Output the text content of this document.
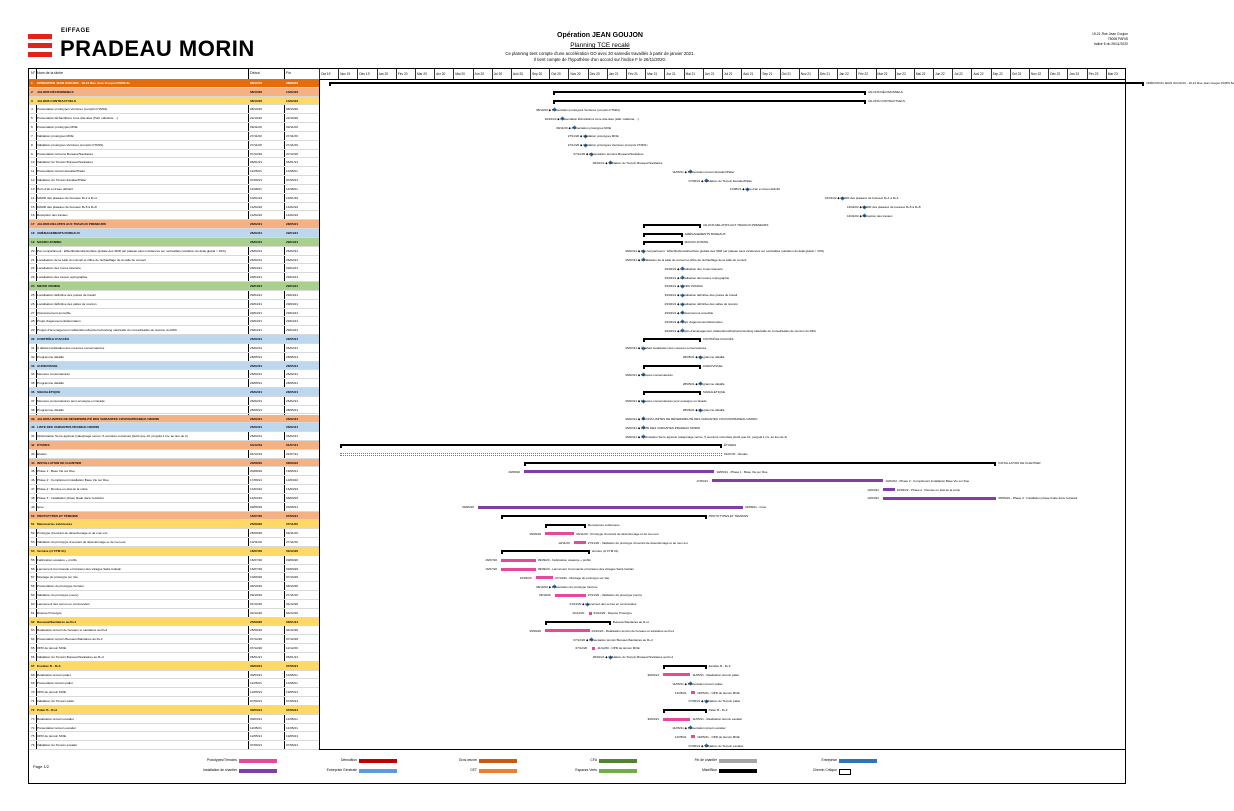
EIFFAGE
PRADEAU MORIN
Opération JEAN GOUJON
Planning TCE recalé
Ce planning tient compte d'une accélération GO avec 20 samedis travaillés à partir de janvier 2021.
Il tient compte de l'hypothèse d'un accord sur l'indice F le 26/11/2020.
19-21 Rue Jean Goujon
75008 PARIS
Indice 6 du 26/11/2020
N° Nom de la tâche	Début	Fin	Oct 19	Nov 19	Déc 19	Jan 20	Fév 20	Mar 20	Avr 20	Mai 20	Jun 20	Jul 20	Aoû 20	Sep 20	Oct 20	Nov 20	Déc 20	Jan 21	Fév 21	Mar 21	Avr 21	Mai 21	Jun 21	Jul 21	Aoû 21	Sep 21	Oct 21	Nov 21	Déc 21	Jan 22	Fév 22	Mar 22	Avr 22	Mai 22	Jun 22	Jul 22	Aoû 22	Sep 22	Oct 22	Nov 22	Déc 22	Jan 23	Fév 23	Mar 23
1 OPÉRATION JEAN GOUJON - 19-21 Rue Jean Goujon PARIS 8e	08/12/19	08/06/23
2 JALONS DÉCISIONNELS	08/10/20	14/02/22
3 JALONS CONTRACTUELS	08/10/20	14/02/22
4 Présentation prototypes Verrières (compris FTM01)	08/10/20	08/10/20
5 Présentation Échantillons zone dite-âtes (Hall, cafétéria, ...)	22/10/20	22/10/20
6 Présentation prototypes MOE	09/11/20	09/11/20
7 Validation prototypes MOE	27/11/20	27/11/20
8 Validation prototypes Verrières (compris FTM01)	27/11/20	27/11/20
9 Présentation témoins Bureaux/Sanitaires	07/12/20	07/12/20
10 Validation du Témoin Bureaux/Sanitaires	06/01/21	06/01/21
11 Présentation témoin Escalier/Palier	11/05/21	11/05/21
12 Validation du Témoin Escalier/Palier	07/06/21	07/06/21
13 Hors d'air et d'eau définitif	11/08/21	11/08/21
14 MADR des plateaux de bureaux R+1 à R+4	10/01/22	10/01/22
15 MADR des plateaux de bureaux R+5 à R+8	14/02/22	14/02/22
16 Réception des travaux	14/02/22	14/02/22
17 JALONS RELATIFS AUX TRAVAUX PRENEURS	26/02/21	28/05/21
18 AMÉNAGEMENTS BUREAUX	26/02/21	29/04/21
19 MACRO ZONING	26/02/21	29/04/21
20 Par compartiment : Effectifs/densité/surface globale des SDR par plateau sans incidences sur verticalités (variation du délai global < 10%)	26/02/21	26/02/21
21 Localisation de la salle du conseil et office de réchauffage de la salle du conseil	26/02/21	26/02/21
22 Localisation des zones tisanerie	29/04/21	29/04/21
23 Localisation des locaux reprographie	29/04/21	29/04/21
24 MICRO ZONING	29/04/21	29/04/21
25 Localisation définitive des postes de travail	29/04/21	29/04/21
26 Localisation définitive des salles de réunion	29/04/21	29/04/21
27 Cloisonnement amovible	29/04/21	29/04/21
28 Projet d'agencement/décoration	29/04/21	29/04/21
29 Projets d'aménagement cafétéria/rooftop/serre/working café/salle du conseil/salles de réunion du RDC	29/04/21	29/04/21
30 CONTRÔLE D'ACCÈS	26/02/21	28/05/21
31 À défaut localisation des mesures conservatoires	26/02/21	26/02/21
32 Programme détaillé	28/05/21	28/05/21
33 AUDIOVISUEL	26/02/21	28/05/21
34 Mesures conservatoires	26/02/21	26/02/21
35 Programme détaillé	28/05/21	28/05/21
36 SIGNALÉTIQUE	26/02/21	28/05/21
37 Mesures conservatoires pour enseigne en façade	26/02/21	26/02/21
38 Programme détaillé	28/05/21	28/05/21
39 JALONS LIMITES DE RÉVERSIBILITÉ DES VARIANTES COVIVIO/PRADEAU MORIN	26/02/21	26/02/21
40 LISTE DES VARIANTES PRADEAU MORIN	26/02/21	26/02/21
41 Optimisation Serre agricole (calepinage verres, 5 ouvrants motorisés plutôt que 10, pergola 1 niv. au lieu de 2)	26/02/21	26/02/21
42 ÉTUDES	04/12/19	01/07/21
43 Études	04/12/19	01/07/21
44 INSTALLATION DE CHANTIER	20/08/20	08/09/22
45 Phase 1 : Base Vie sur Rue	20/08/20	19/06/21
46 Phase 2 : Complément installation Base Vie sur Rue	17/06/21	14/03/22
47 Phase 2 : Remise en état de la voirie	14/03/22	16/03/22
48 Phase 3 : Installation phase finale dans l'existant	14/03/22	08/09/22
49 Grue	09/06/20	03/08/21
50 PROTOTYPES ET TÉMOINS	16/07/20	07/06/21
51 Menuiseries extérieures	25/09/20	27/11/20
52 Prototype d'ouvrant de désenfumage et de men.ext.	25/09/20	09/11/20
53 Validation du prototype d'ouvrant de désenfumage et de men.ext.	10/11/20	27/11/20
54 Verrière (cf FTM 01)	16/07/20	03/12/20
55 Fabrication ossature + profils	16/07/20	09/09/20
56 Lancement Commande et livraison des vitrages Saint-Gobain	16/07/20	09/09/20
57 Montage du prototype sur site	10/09/20	07/10/20
58 Présentation du prototype Verrière	08/10/20	08/10/20
59 Validation du prototype (verre)	09/10/20	27/11/20
60 Lancement des verres en commandes	01/12/20	01/12/20
61 Dépose Prototype	02/12/20	03/12/20
62 Bureaux/Sanitaires au R+4	25/09/20	06/01/21
63 Réalisation témoin de bureaux et sanitaires au R+4	25/09/20	04/12/20
64 Présentation témoin Bureaux/Sanitaires au R+4	07/12/20	07/12/20
65 OPR de témoin MOE	07/12/20	11/12/20
66 Validation du Témoin Bureaux/Sanitaires au R+4	06/01/21	06/01/21
67 Escalier B - R+3	30/03/21	07/06/21
68 Réalisation témoin palier	30/03/21	11/05/21
69 Présentation témoin palier	11/05/21	11/05/21
70 OPR de témoin MOE	12/05/21	19/05/21
71 Validation du Témoin palier	07/06/21	07/06/21
72 Palier B - R+3	30/03/21	07/06/21
73 Réalisation témoin escalier	30/03/21	11/05/21
74 Présentation témoin escalier	11/05/21	11/05/21
75 OPR de témoin MOE	12/05/21	19/05/21
76 Validation du Témoin escalier	07/06/21	07/06/21
OPÉRATION JEAN GOUJON - 19-21 Rue Jean Goujon PARIS 8e
JALONS DÉCISIONNELS
JALONS CONTRACTUELS
08/10/20 ◆ Présentation prototypes Verrières (compris FTM01)
22/10/20 ◆ Présentation Échantillons zone dite-âtes (Hall, cafétéria, ...)
09/11/20 ◆ Présentation prototypes MOE
27/11/20 ◆ Validation prototypes MOE
27/11/20 ◆ Validation prototypes Verrières (compris FTM01)
07/12/20 ◆ Présentation témoins Bureaux/Sanitaires
06/01/21 ◆ Validation du Témoin Bureaux/Sanitaires
11/05/21 ◆ Présentation témoin Escalier/Palier
07/06/21 ◆ Validation du Témoin Escalier/Palier
11/08/21 ◆ Hors d'air et d'eau définitif
10/01/22 ◆ MADR des plateaux de bureaux R+1 à R+4
14/02/22 ◆ MADR des plateaux de bureaux R+5 à R+8
14/02/22 ◆ Réception des travaux
JALONS RELATIFS AUX TRAVAUX PRENEURS
AMÉNAGEMENTS BUREAUX
MACRO ZONING
26/02/21 ◆ Par compartiment : Effectifs/densité/surface globale des SDR par plateau sans incidences sur verticalités (variation du délai global < 10%)
26/02/21 ◆ Localisation de la salle du conseil et office de réchauffage de la salle du conseil
29/04/21 ◆ Localisation des zones tisanerie
29/04/21 ◆ Localisation des locaux reprographie
29/04/21 ◆ MICRO ZONING
29/04/21 ◆ Localisation définitive des postes de travail
29/04/21 ◆ Localisation définitive des salles de réunion
29/04/21 ◆ Cloisonnement amovible
29/04/21 ◆ Projet d'agencement/décoration
29/04/21 ◆ Projets d'aménagement cafétéria/rooftop/serre/working café/salle du conseil/salles de réunion du RDC
CONTRÔLE D'ACCÈS
26/02/21 ◆ À défaut localisation des mesures conservatoires
28/05/21 ◆ Programme détaillé
AUDIOVISUEL
26/02/21 ◆ Mesures conservatoires
28/05/21 ◆ Programme détaillé
SIGNALÉTIQUE
26/02/21 ◆ Mesures conservatoires pour enseigne en façade
28/05/21 ◆ Programme détaillé
26/02/21 ◆ JALONS LIMITES DE RÉVERSIBILITÉ DES VARIANTES COVIVIO/PRADEAU MORIN
26/02/21 ◆ LISTE DES VARIANTES PRADEAU MORIN
26/02/21 ◆ Optimisation Serre agricole (calepinage verres, 5 ouvrants motorisés plutôt que 10, pergola 1 niv. au lieu de 2)
ÉTUDES
01/07/21 - Études
INSTALLATION DE CHANTIER
20/08/20	19/06/21 - Phase 1 : Base Vie sur Rue
17/06/21	14/03/22 - Phase 2 : Complément installation Base Vie sur Rue
14/03/22	16/03/22 - Phase 2 : Remise en état de la voirie
14/03/22	08/09/22 - Phase 3 : Installation phase finale dans l'existant
09/06/20	03/08/21 - Grue
PROTOTYPES ET TÉMOINS
Menuiseries extérieures
25/09/20	09/11/20 - Prototype d'ouvrant de désenfumage et de men.ext.
10/11/20	27/11/20 - Validation du prototype d'ouvrant de désenfumage et de men.ext.
Verrière (cf FTM 01)
16/07/20	09/09/20 - Fabrication ossature + profils
16/07/20	09/09/20 - Lancement Commande et livraison des vitrages Saint-Gobain
10/09/20	07/10/20 - Montage du prototype sur site
08/10/20 ◆ Présentation du prototype Verrière
09/10/20	27/11/20 - Validation du prototype (verre)
01/12/20 ◆ Lancement des verres en commandes
02/12/20	03/12/20 - Dépose Prototype
Bureaux/Sanitaires au R+4
25/09/20	04/12/20 - Réalisation témoin de bureaux et sanitaires au R+4
07/12/20 ◆ Présentation témoin Bureaux/Sanitaires au R+4
07/12/20	11/12/20 - OPR de témoin MOE
06/01/21 ◆ Validation du Témoin Bureaux/Sanitaires au R+4
Escalier B - R+3
30/03/21	11/05/21 - Réalisation témoin palier
11/05/21 ◆ Présentation témoin palier
12/05/21	19/05/21 - OPR de témoin MOE
07/06/21 ◆ Validation du Témoin palier
Palier B - R+3
30/03/21	11/05/21 - Réalisation témoin escalier
11/05/21 ◆ Présentation témoin escalier
12/05/21	19/05/21 - OPR de témoin MOE
07/06/21 ◆ Validation du Témoin escalier
Page 1/2
Prototypes/Témoins
Installation de chantier
Démolition
Entreprise Générale
Gros œuvre
CET
CFA
Espaces Verts
Fin de chantier
Mise/Blue
Entreprise
Chemin Critique
